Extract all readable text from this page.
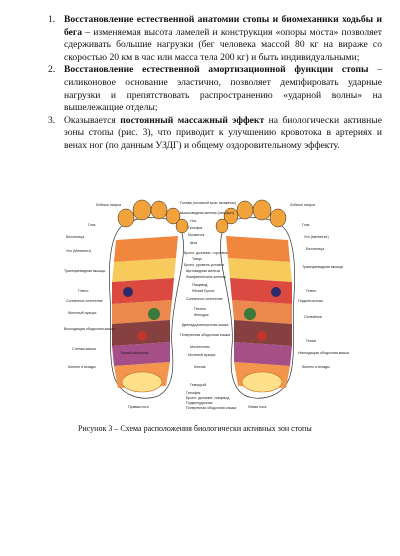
1. Восстановление естественной анатомии стопы и биомеханики ходьбы и бега – изменяемая высота ламелей и конструкция «опоры моста» позволяет сдерживать большие нагрузки (бег человека массой 80 кг на вираже со скоростью 20 км в час или масса тела 200 кг) и быть индивидуальными;
2. Восстановление естественной амортизационной функции стопы – силиконовое основание эластично, позволяет демпфировать ударные нагрузки и препятствовать распространению «ударной волны» на вышележащие отделы;
3. Оказывается постоянный массажный эффект на биологически активные зоны стопы (рис. 3), что приводит к улучшению кровотока в артериях и венах ног (по данным УЗДГ) и общему оздоровительному эффекту.
Лобные пазухи
Глаз
Бесонница
Ухо (Менингит)
Трапециевидная мышца
Плечо
Солнечное сплетение
Желчный пузырь
Восходящая ободочная кишка
Слепая кишка
Колено и втазды
Лобные пазухи
Глаз
Ухо (менингит)
Бесонница
Трапециевидная мышца
Плечо
Подключичная
Селезёнка
Почки
Нисходящая ободочная кишка
Колено и втазды
Голова (головной мозг, мозжечок)
Шишковидная железа (гипофиз)
Нос
Гипофиз
Мозжечок
Шея
Бронх, дыхание, горловое
Тимус
Бронх, уровень условно
Щитовидная железа
Лимфатические железы
Пищевод
Лёгкий Бронх
Солнечное сплетение
Печень
Желудок
Двенадцатиперстная кишка
Поперечная ободочная кишка
Мочеточник
Мочевой пузырь
Копчик
Геморрой
Тонкий кишечник
Правая нога	Левая нога
Гипофиз
Бронх, дыхание, пищевод
Поджелудочная
Поперечная ободочная кишка
Рисунок 3 – Схема расположения биологически активных зон стопы
